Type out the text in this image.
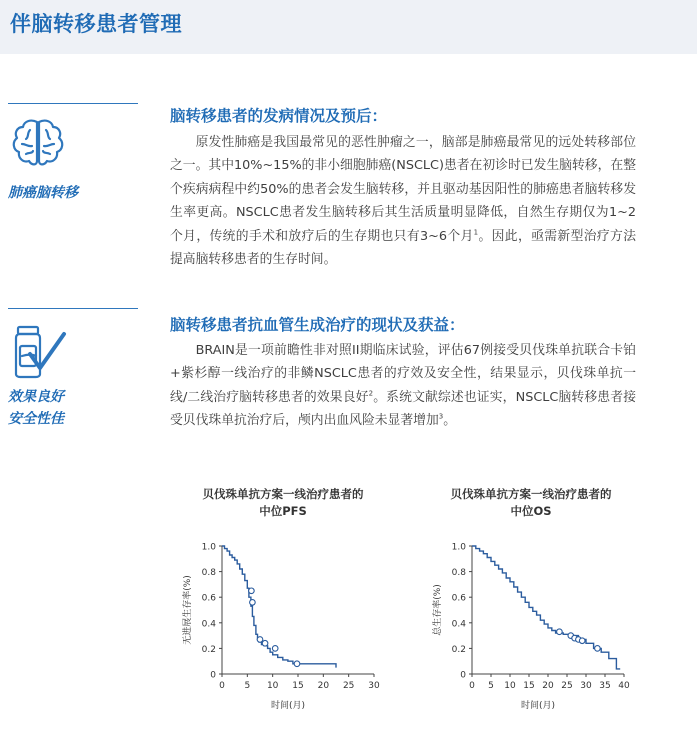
伴脑转移患者管理
肺癌脑转移
脑转移患者的发病情况及预后：

原发性肺癌是我国最常见的恶性肿瘤之一，脑部是肺癌最常见的远处转移部位之一。其中10%~15%的非小细胞肺癌(NSCLC)患者在初诊时已发生脑转移，在整个疾病病程中约50%的患者会发生脑转移，并且驱动基因阳性的肺癌患者脑转移发生率更高。NSCLC患者发生脑转移后其生活质量明显降低，自然生存期仅为1~2个月，传统的手术和放疗后的生存期也只有3~6个月$^1$。因此，亟需新型治疗方法提高脑转移患者的生存时间。

效果良好
安全性佳
脑转移患者抗血管生成治疗的现状及获益：

BRAIN是一项前瞻性非对照II期临床试验，评估67例接受贝伐珠单抗联合卡铂+紫杉醇一线治疗的非鳞NSCLC患者的疗效及安全性，结果显示，贝伐珠单抗一线/二线治疗脑转移患者的效果良好$^2$。系统文献综述也证实，NSCLC脑转移患者接受贝伐珠单抗治疗后，颅内出血风险未显著增加$^3$。

贝伐珠单抗方案一线治疗患者的
中位PFS
贝伐珠单抗方案一线治疗患者的
中位OS
0
0.2
0.4
0.6
0.8
1.0
0 5 10 15 20 25 30
时间(月)
无进展生存率(%)
0
0.2
0.4
0.6
0.8
1.0
0 5 10 15 20 25 30 35 40
时间(月)
总生存率(%)
